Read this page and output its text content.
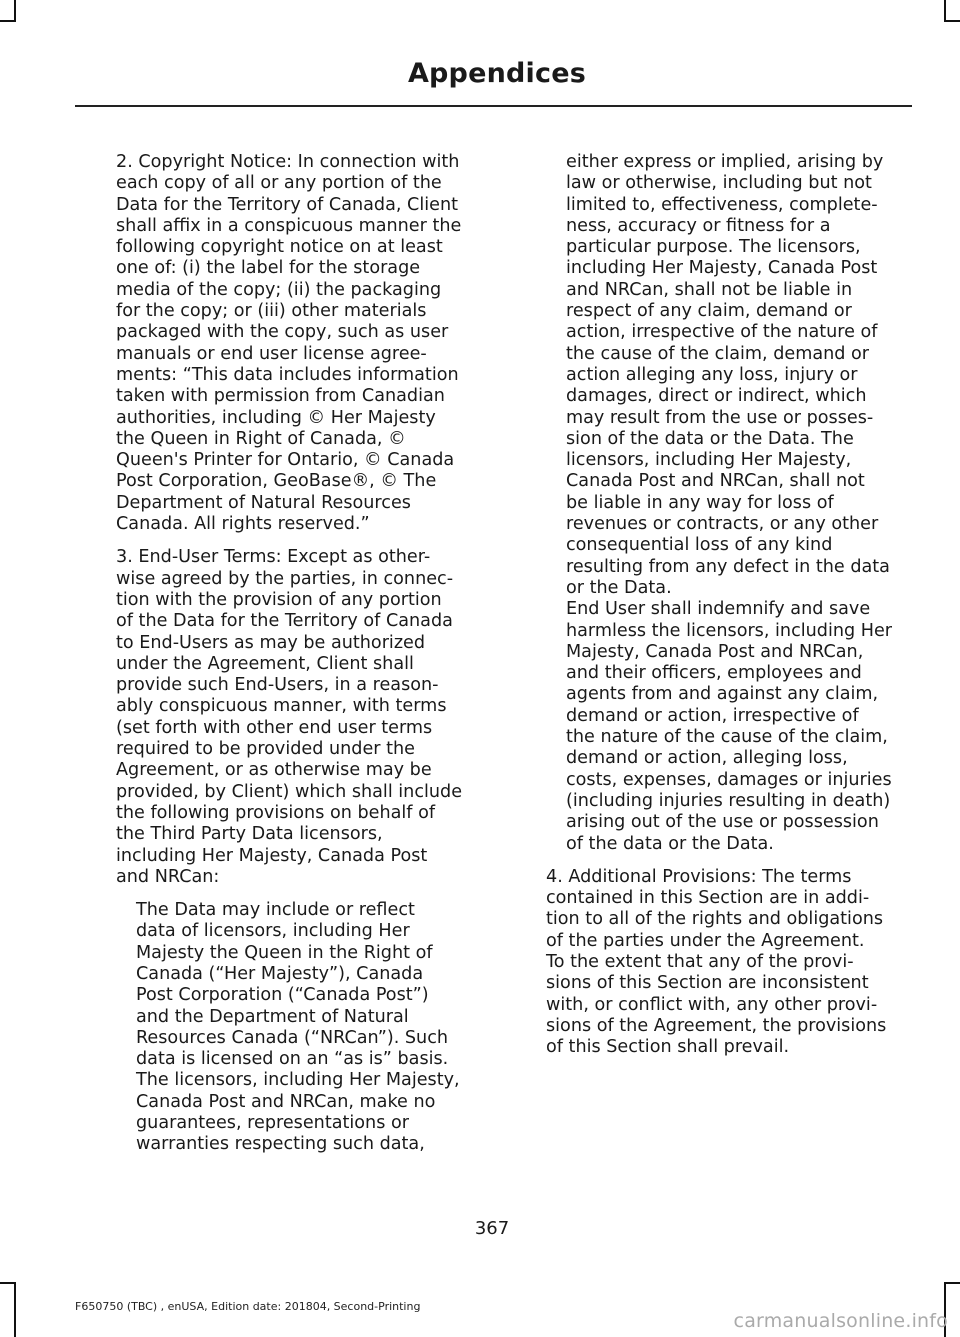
Appendices

2. Copyright Notice: In connection with
each copy of all or any portion of the
Data for the Territory of Canada, Client
shall affix in a conspicuous manner the
following copyright notice on at least
one of: (i) the label for the storage
media of the copy; (ii) the packaging
for the copy; or (iii) other materials
packaged with the copy, such as user
manuals or end user license agree-
ments: “This data includes information
taken with permission from Canadian
authorities, including © Her Majesty
the Queen in Right of Canada, ©
Queen's Printer for Ontario, © Canada
Post Corporation, GeoBase®, © The
Department of Natural Resources
Canada. All rights reserved.”

3. End-User Terms: Except as other-
wise agreed by the parties, in connec-
tion with the provision of any portion
of the Data for the Territory of Canada
to End-Users as may be authorized
under the Agreement, Client shall
provide such End-Users, in a reason-
ably conspicuous manner, with terms
(set forth with other end user terms
required to be provided under the
Agreement, or as otherwise may be
provided, by Client) which shall include
the following provisions on behalf of
the Third Party Data licensors,
including Her Majesty, Canada Post
and NRCan:

The Data may include or reflect
data of licensors, including Her
Majesty the Queen in the Right of
Canada (“Her Majesty”), Canada
Post Corporation (“Canada Post”)
and the Department of Natural
Resources Canada (“NRCan”). Such
data is licensed on an “as is” basis.
The licensors, including Her Majesty,
Canada Post and NRCan, make no
guarantees, representations or
warranties respecting such data,

either express or implied, arising by
law or otherwise, including but not
limited to, effectiveness, complete-
ness, accuracy or fitness for a
particular purpose. The licensors,
including Her Majesty, Canada Post
and NRCan, shall not be liable in
respect of any claim, demand or
action, irrespective of the nature of
the cause of the claim, demand or
action alleging any loss, injury or
damages, direct or indirect, which
may result from the use or posses-
sion of the data or the Data. The
licensors, including Her Majesty,
Canada Post and NRCan, shall not
be liable in any way for loss of
revenues or contracts, or any other
consequential loss of any kind
resulting from any defect in the data
or the Data.

End User shall indemnify and save
harmless the licensors, including Her
Majesty, Canada Post and NRCan,
and their officers, employees and
agents from and against any claim,
demand or action, irrespective of
the nature of the cause of the claim,
demand or action, alleging loss,
costs, expenses, damages or injuries
(including injuries resulting in death)
arising out of the use or possession
of the data or the Data.

4. Additional Provisions: The terms
contained in this Section are in addi-
tion to all of the rights and obligations
of the parties under the Agreement.
To the extent that any of the provi-
sions of this Section are inconsistent
with, or conflict with, any other provi-
sions of the Agreement, the provisions
of this Section shall prevail.

367
F650750 (TBC) , enUSA, Edition date: 201804, Second-Printing
carmanualsonline.info
